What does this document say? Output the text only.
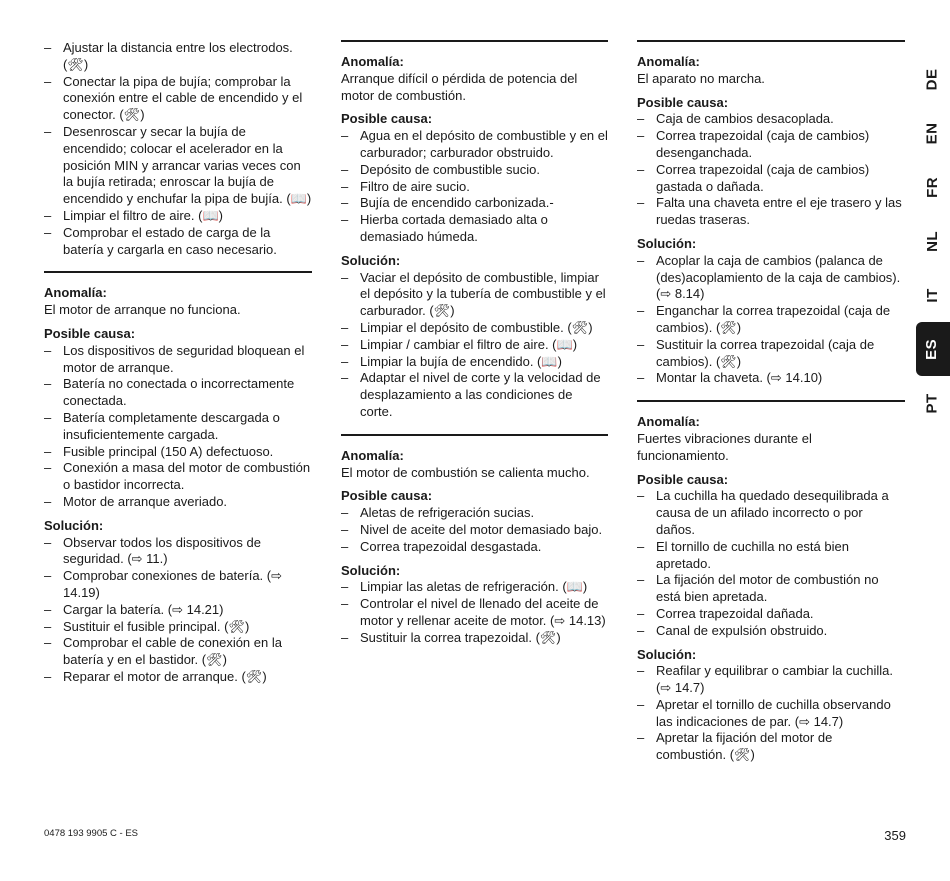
– Ajustar la distancia entre los electrodos. (🛠)
– Conectar la pipa de bujía; comprobar la conexión entre el cable de encendido y el conector. (🛠)
– Desenroscar y secar la bujía de encendido; colocar el acelerador en la posición MIN y arrancar varias veces con la bujía retirada; enroscar la bujía de encendido y enchufar la pipa de bujía. (📖)
– Limpiar el filtro de aire. (📖)
– Comprobar el estado de carga de la batería y cargarla en caso necesario.
Anomalía:

El motor de arranque no funciona.

Posible causa:
– Los dispositivos de seguridad bloquean el motor de arranque.
– Batería no conectada o incorrectamente conectada.
– Batería completamente descargada o insuficientemente cargada.
– Fusible principal (150 A) defectuoso.
– Conexión a masa del motor de combustión o bastidor incorrecta.
– Motor de arranque averiado.
Solución:
– Observar todos los dispositivos de seguridad. (⇨ 11.)
– Comprobar conexiones de batería. (⇨ 14.19)
– Cargar la batería. (⇨ 14.21)
– Sustituir el fusible principal. (🛠)
– Comprobar el cable de conexión en la batería y en el bastidor. (🛠)
– Reparar el motor de arranque. (🛠)
Anomalía:

Arranque difícil o pérdida de potencia del motor de combustión.

Posible causa:
– Agua en el depósito de combustible y en el carburador; carburador obstruido.
– Depósito de combustible sucio.
– Filtro de aire sucio.
– Bujía de encendido carbonizada.-
– Hierba cortada demasiado alta o demasiado húmeda.
Solución:
– Vaciar el depósito de combustible, limpiar el depósito y la tubería de combustible y el carburador. (🛠)
– Limpiar el depósito de combustible. (🛠)
– Limpiar / cambiar el filtro de aire. (📖)
– Limpiar la bujía de encendido. (📖)
– Adaptar el nivel de corte y la velocidad de desplazamiento a las condiciones de corte.
Anomalía:

El motor de combustión se calienta mucho.

Posible causa:
– Aletas de refrigeración sucias.
– Nivel de aceite del motor demasiado bajo.
– Correa trapezoidal desgastada.
Solución:
– Limpiar las aletas de refrigeración. (📖)
– Controlar el nivel de llenado del aceite de motor y rellenar aceite de motor. (⇨ 14.13)
– Sustituir la correa trapezoidal. (🛠)
Anomalía:

El aparato no marcha.

Posible causa:
– Caja de cambios desacoplada.
– Correa trapezoidal (caja de cambios) desenganchada.
– Correa trapezoidal (caja de cambios) gastada o dañada.
– Falta una chaveta entre el eje trasero y las ruedas traseras.
Solución:
– Acoplar la caja de cambios (palanca de (des)acoplamiento de la caja de cambios). (⇨ 8.14)
– Enganchar la correa trapezoidal (caja de cambios). (🛠)
– Sustituir la correa trapezoidal (caja de cambios). (🛠)
– Montar la chaveta. (⇨ 14.10)
Anomalía:

Fuertes vibraciones durante el funcionamiento.

Posible causa:
– La cuchilla ha quedado desequilibrada a causa de un afilado incorrecto o por daños.
– El tornillo de cuchilla no está bien apretado.
– La fijación del motor de combustión no está bien apretada.
– Correa trapezoidal dañada.
– Canal de expulsión obstruido.
Solución:
– Reafilar y equilibrar o cambiar la cuchilla. (⇨ 14.7)
– Apretar el tornillo de cuchilla observando las indicaciones de par. (⇨ 14.7)
– Apretar la fijación del motor de combustión. (🛠)
DE
EN
FR
NL
IT
ES
PT
0478 193 9905 C - ES	359
